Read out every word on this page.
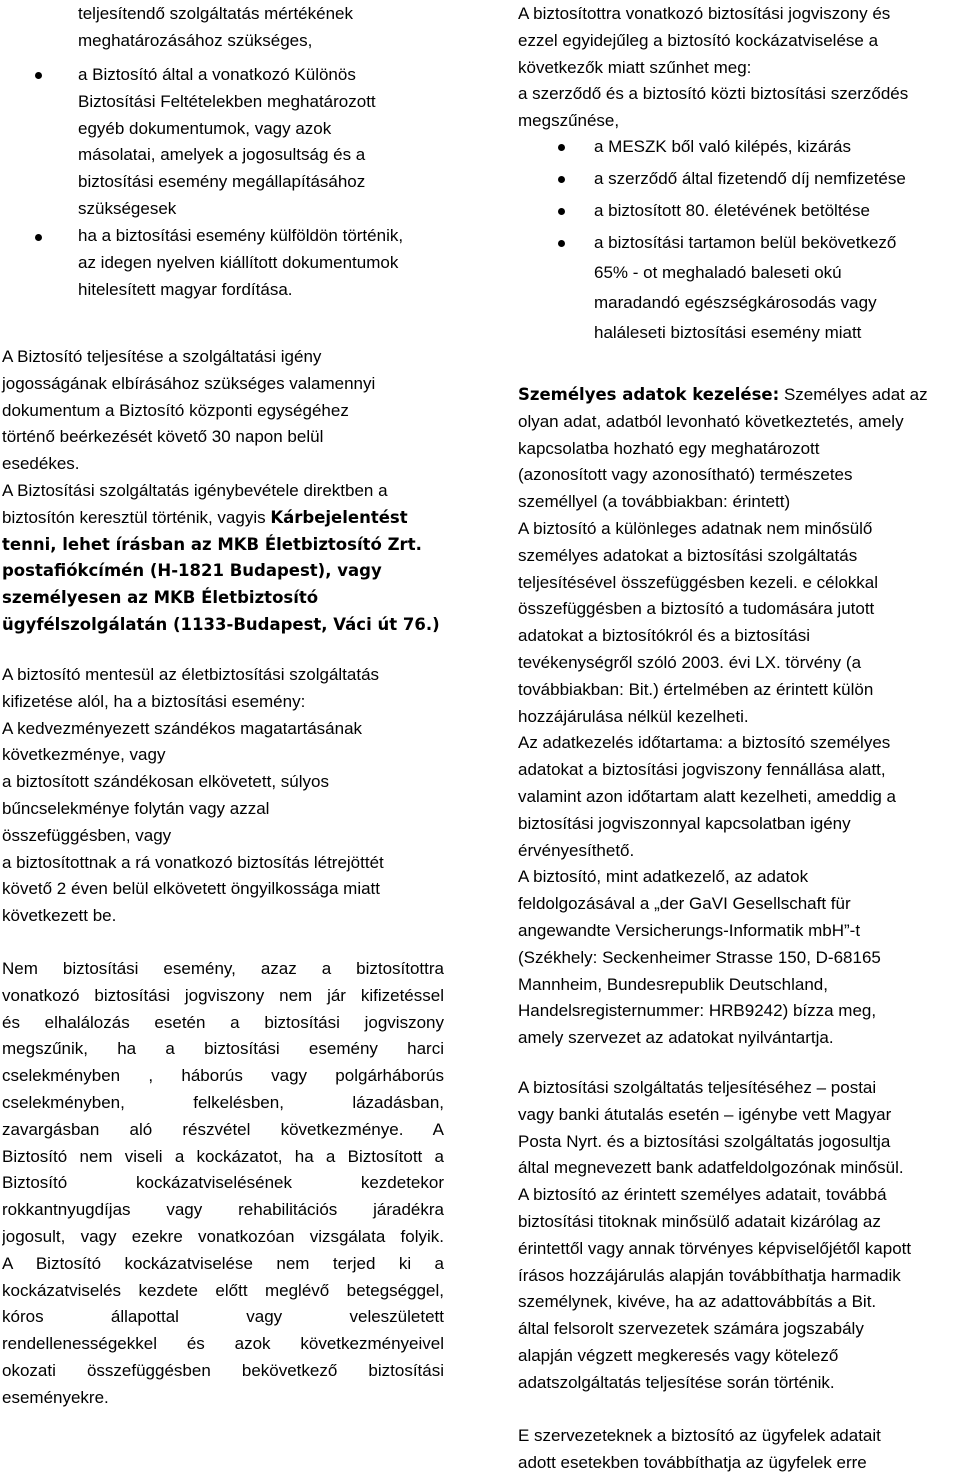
teljesítendő szolgáltatás mértékének
meghatározásához szükséges,
a Biztosító által a vonatkozó Különös
Biztosítási Feltételekben meghatározott
egyéb dokumentumok, vagy azok
másolatai, amelyek a jogosultság és a
biztosítási esemény megállapításához
szükségesek
ha a biztosítási esemény külföldön történik,
az idegen nyelven kiállított dokumentumok
hitelesített magyar fordítása.
A Biztosító teljesítése a szolgáltatási igény
jogosságának elbírásához szükséges valamennyi
dokumentum a Biztosító központi egységéhez
történő beérkezését követő 30 napon belül
esedékes.
A Biztosítási szolgáltatás igénybevétele direktben a
biztosítón keresztül történik, vagyis Kárbejelentést
tenni, lehet írásban az MKB Életbiztosító Zrt.
postafiókcímén (H-1821 Budapest), vagy
személyesen az MKB Életbiztosító
ügyfélszolgálatán (1133-Budapest, Váci út 76.)
A biztosító mentesül az életbiztosítási szolgáltatás
kifizetése alól, ha a biztosítási esemény:
A kedvezményezett szándékos magatartásának
következménye, vagy
a biztosított szándékosan elkövetett, súlyos
bűncselekménye folytán vagy azzal
összefüggésben, vagy
a biztosítottnak a rá vonatkozó biztosítás létrejöttét
követő 2 éven belül elkövetett öngyilkossága miatt
következett be.
Nem biztosítási esemény, azaz a biztosítottra
vonatkozó biztosítási jogviszony nem jár kifizetéssel
és elhalálozás esetén a biztosítási jogviszony
megszűnik, ha a biztosítási esemény harci
cselekményben , háborús vagy polgárháborús
cselekményben, felkelésben, lázadásban,
zavargásban aló részvétel következménye. A
Biztosító nem viseli a kockázatot, ha a Biztosított a
Biztosító kockázatviselésének kezdetekor
rokkantnyugdíjas vagy rehabilitációs járadékra
jogosult, vagy ezekre vonatkozóan vizsgálata folyik.
A Biztosító kockázatviselése nem terjed ki a
kockázatviselés kezdete előtt meglévő betegséggel,
kóros állapottal vagy veleszületett
rendellenességekkel és azok következményeivel
okozati összefüggésben bekövetkező biztosítási
eseményekre.
A biztosítottra vonatkozó biztosítási jogviszony és
ezzel egyidejűleg a biztosító kockázatviselése a
következők miatt szűnhet meg:
a szerződő és a biztosító közti biztosítási szerződés
megszűnése,
a MESZK ből való kilépés, kizárás
a szerződő által fizetendő díj nemfizetése
a biztosított 80. életévének betöltése
a biztosítási tartamon belül bekövetkező
65% - ot meghaladó baleseti okú
maradandó egészségkárosodás vagy
haláleseti biztosítási esemény miatt
Személyes adatok kezelése: Személyes adat az
olyan adat, adatból levonható következtetés, amely
kapcsolatba hozható egy meghatározott
(azonosított vagy azonosítható) természetes
személlyel (a továbbiakban: érintett)
A biztosító a különleges adatnak nem minősülő
személyes adatokat a biztosítási szolgáltatás
teljesítésével összefüggésben kezeli. e célokkal
összefüggésben a biztosító a tudomására jutott
adatokat a biztosítókról és a biztosítási
tevékenységről szóló 2003. évi LX. törvény (a
továbbiakban: Bit.) értelmében az érintett külön
hozzájárulása nélkül kezelheti.
Az adatkezelés időtartama: a biztosító személyes
adatokat a biztosítási jogviszony fennállása alatt,
valamint azon időtartam alatt kezelheti, ameddig a
biztosítási jogviszonnyal kapcsolatban igény
érvényesíthető.
A biztosító, mint adatkezelő, az adatok
feldolgozásával a „der GaVI Gesellschaft für
angewandte Versicherungs-Informatik mbH”-t
(Székhely: Seckenheimer Strasse 150, D-68165
Mannheim, Bundesrepublik Deutschland,
Handelsregisternummer: HRB9242) bízza meg,
amely szervezet az adatokat nyilvántartja.
A biztosítási szolgáltatás teljesítéséhez – postai
vagy banki átutalás esetén – igénybe vett Magyar
Posta Nyrt. és a biztosítási szolgáltatás jogosultja
által megnevezett bank adatfeldolgozónak minősül.
A biztosító az érintett személyes adatait, továbbá
biztosítási titoknak minősülő adatait kizárólag az
érintettől vagy annak törvényes képviselőjétől kapott
írásos hozzájárulás alapján továbbíthatja harmadik
személynek, kivéve, ha az adattovábbítás a Bit.
által felsorolt szervezetek számára jogszabály
alapján végzett megkeresés vagy kötelező
adatszolgáltatás teljesítése során történik.
E szervezeteknek a biztosító az ügyfelek adatait
adott esetekben továbbíthatja az ügyfelek erre
